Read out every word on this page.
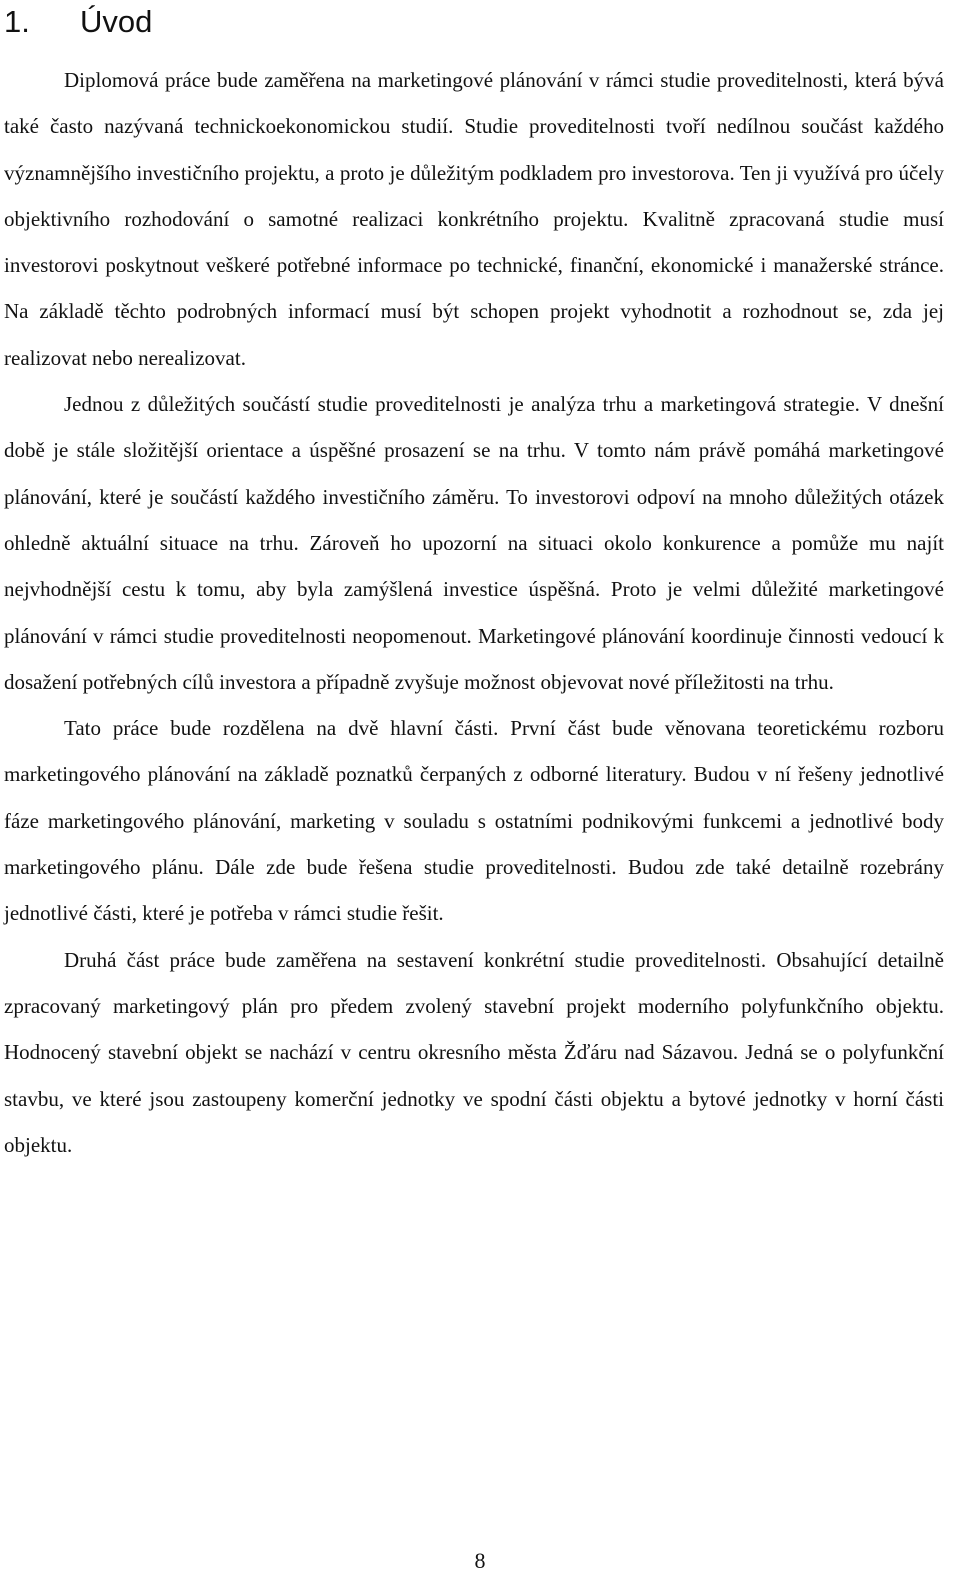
1. Úvod

Diplomová práce bude zaměřena na marketingové plánování v rámci studie proveditelnosti, která bývá také často nazývaná technickoekonomickou studií. Studie proveditelnosti tvoří nedílnou součást každého významnějšího investičního projektu, a proto je důležitým podkladem pro investorova. Ten ji využívá pro účely objektivního rozhodování o samotné realizaci konkrétního projektu. Kvalitně zpracovaná studie musí investorovi poskytnout veškeré potřebné informace po technické, finanční, ekonomické i manažerské stránce. Na základě těchto podrobných informací musí být schopen projekt vyhodnotit a rozhodnout se, zda jej realizovat nebo nerealizovat.

Jednou z důležitých součástí studie proveditelnosti je analýza trhu a marketingová strategie. V dnešní době je stále složitější orientace a úspěšné prosazení se na trhu. V tomto nám právě pomáhá marketingové plánování, které je součástí každého investičního záměru. To investorovi odpoví na mnoho důležitých otázek ohledně aktuální situace na trhu. Zároveň ho upozorní na situaci okolo konkurence a pomůže mu najít nejvhodnější cestu k tomu, aby byla zamýšlená investice úspěšná. Proto je velmi důležité marketingové plánování v rámci studie proveditelnosti neopomenout. Marketingové plánování koordinuje činnosti vedoucí k dosažení potřebných cílů investora a případně zvyšuje možnost objevovat nové příležitosti na trhu.

Tato práce bude rozdělena na dvě hlavní části. První část bude věnovana teoretickému rozboru marketingového plánování na základě poznatků čerpaných z odborné literatury. Budou v ní řešeny jednotlivé fáze marketingového plánování, marketing v souladu s ostatními podnikovými funkcemi a jednotlivé body marketingového plánu. Dále zde bude řešena studie proveditelnosti. Budou zde také detailně rozebrány jednotlivé části, které je potřeba v rámci studie řešit.

Druhá část práce bude zaměřena na sestavení konkrétní studie proveditelnosti. Obsahující detailně zpracovaný marketingový plán pro předem zvolený stavební projekt moderního polyfunkčního objektu. Hodnocený stavební objekt se nachází v centru okresního města Žďáru nad Sázavou. Jedná se o polyfunkční stavbu, ve které jsou zastoupeny komerční jednotky ve spodní části objektu a bytové jednotky v horní části objektu.

8
